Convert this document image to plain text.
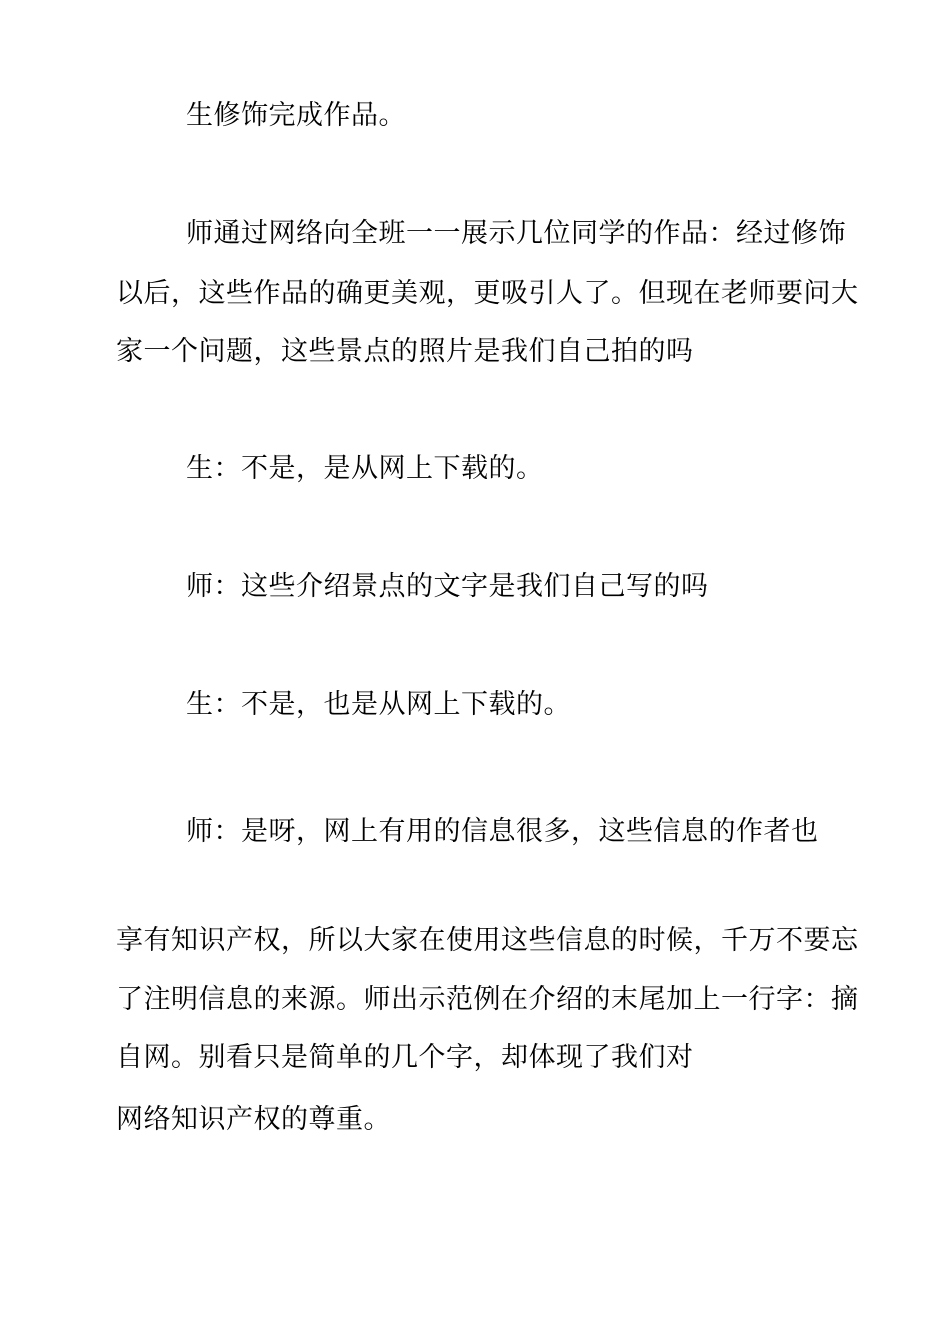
生修饰完成作品。
师通过网络向全班一一展示几位同学的作品：经过修饰
以后，这些作品的确更美观，更吸引人了。但现在老师要问大
家一个问题，这些景点的照片是我们自己拍的吗
生：不是，是从网上下载的。
师：这些介绍景点的文字是我们自己写的吗
生：不是，也是从网上下载的。
师：是呀，网上有用的信息很多，这些信息的作者也
享有知识产权，所以大家在使用这些信息的时候，千万不要忘
了注明信息的来源。师出示范例在介绍的末尾加上一行字：摘
自网。别看只是简单的几个字，却体现了我们对
网络知识产权的尊重。
